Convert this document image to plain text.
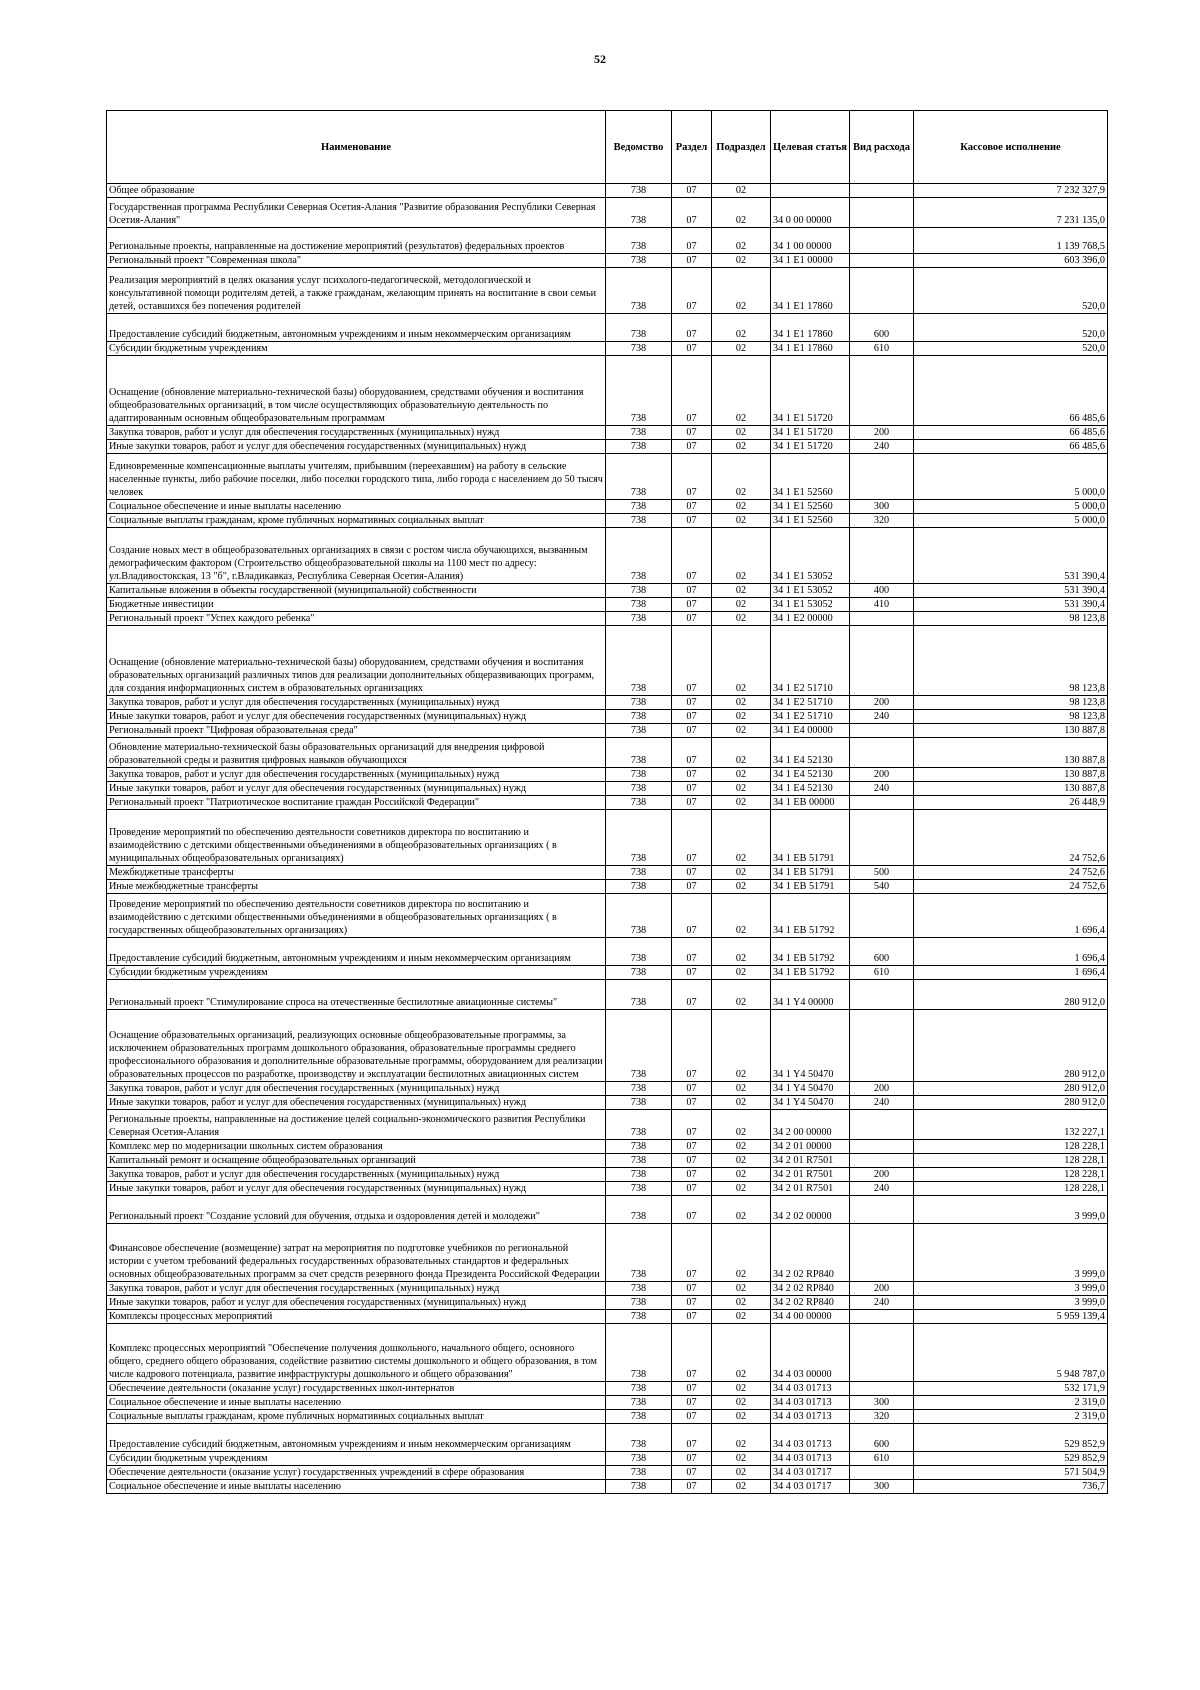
52
Наименование	Ведомство	Раздел	Подраздел	Целевая статья	Вид расхода	Кассовое исполнение
Общее образование	738	07	02			7 232 327,9
Государственная программа Республики Северная Осетия-Алания "Развитие образования Республики Северная Осетия-Алания"	738	07	02	34 0 00 00000		7 231 135,0
Региональные проекты, направленные на достижение мероприятий (результатов) федеральных проектов	738	07	02	34 1 00 00000		1 139 768,5
Региональный проект "Современная школа"	738	07	02	34 1 E1 00000		603 396,0
Реализация мероприятий в целях оказания услуг психолого-педагогической, методологической и консультативной помощи родителям детей, а также гражданам, желающим принять на воспитание в свои семьи детей, оставшихся без попечения родителей	738	07	02	34 1 E1 17860		520,0
Предоставление субсидий бюджетным, автономным учреждениям и иным некоммерческим организациям	738	07	02	34 1 E1 17860	600	520,0
Субсидии бюджетным учреждениям	738	07	02	34 1 E1 17860	610	520,0
Оснащение (обновление материально-технической базы) оборудованием, средствами обучения и воспитания общеобразовательных организаций, в том числе осуществляющих образовательную деятельность по адаптированным основным общеобразовательным программам	738	07	02	34 1 E1 51720		66 485,6
Закупка товаров, работ и услуг для обеспечения государственных (муниципальных) нужд	738	07	02	34 1 E1 51720	200	66 485,6
Иные закупки товаров, работ и услуг для обеспечения государственных (муниципальных) нужд	738	07	02	34 1 E1 51720	240	66 485,6
Единовременные компенсационные выплаты учителям, прибывшим (переехавшим) на работу в сельские населенные пункты, либо рабочие поселки, либо поселки городского типа, либо города с населением до 50 тысяч человек	738	07	02	34 1 E1 52560		5 000,0
Социальное обеспечение и иные выплаты населению	738	07	02	34 1 E1 52560	300	5 000,0
Социальные выплаты гражданам, кроме публичных нормативных социальных выплат	738	07	02	34 1 E1 52560	320	5 000,0
Создание новых мест в общеобразовательных организациях в связи с ростом числа обучающихся, вызванным демографическим фактором (Строительство общеобразовательной школы на 1100 мест по адресу: ул.Владивостокская, 13 "б", г.Владикавказ, Республика Северная Осетия-Алания)	738	07	02	34 1 E1 53052		531 390,4
Капитальные вложения в объекты государственной (муниципальной) собственности	738	07	02	34 1 E1 53052	400	531 390,4
Бюджетные инвестиции	738	07	02	34 1 E1 53052	410	531 390,4
Региональный проект "Успех каждого ребенка"	738	07	02	34 1 E2 00000		98 123,8
Оснащение (обновление материально-технической базы) оборудованием, средствами обучения и воспитания образовательных организаций различных типов для реализации дополнительных общеразвивающих программ, для создания информационных систем в образовательных организациях	738	07	02	34 1 E2 51710		98 123,8
Закупка товаров, работ и услуг для обеспечения государственных (муниципальных) нужд	738	07	02	34 1 E2 51710	200	98 123,8
Иные закупки товаров, работ и услуг для обеспечения государственных (муниципальных) нужд	738	07	02	34 1 E2 51710	240	98 123,8
Региональный проект "Цифровая образовательная среда"	738	07	02	34 1 E4 00000		130 887,8
Обновление материально-технической базы образовательных организаций для внедрения цифровой образовательной среды и развития цифровых навыков обучающихся	738	07	02	34 1 E4 52130		130 887,8
Закупка товаров, работ и услуг для обеспечения государственных (муниципальных) нужд	738	07	02	34 1 E4 52130	200	130 887,8
Иные закупки товаров, работ и услуг для обеспечения государственных (муниципальных) нужд	738	07	02	34 1 E4 52130	240	130 887,8
Региональный проект "Патриотическое воспитание граждан Российской Федерации"	738	07	02	34 1 EB 00000		26 448,9
Проведение мероприятий по обеспечению деятельности советников директора по воспитанию и взаимодействию с детскими общественными объединениями в общеобразовательных организациях ( в муниципальных общеобразовательных организациях)	738	07	02	34 1 EB 51791		24 752,6
Межбюджетные трансферты	738	07	02	34 1 EB 51791	500	24 752,6
Иные межбюджетные трансферты	738	07	02	34 1 EB 51791	540	24 752,6
Проведение мероприятий по обеспечению деятельности советников директора по воспитанию и взаимодействию с детскими общественными объединениями в общеобразовательных организациях ( в государственных общеобразовательных организациях)	738	07	02	34 1 EB 51792		1 696,4
Предоставление субсидий бюджетным, автономным учреждениям и иным некоммерческим организациям	738	07	02	34 1 EB 51792	600	1 696,4
Субсидии бюджетным учреждениям	738	07	02	34 1 EB 51792	610	1 696,4
Региональный проект "Стимулирование спроса на отечественные беспилотные авиационные системы"	738	07	02	34 1 Y4 00000		280 912,0
Оснащение образовательных организаций, реализующих основные общеобразовательные программы, за исключением образовательных программ дошкольного образования, образовательные программы среднего профессионального образования и дополнительные образовательные программы, оборудованием для реализации образовательных процессов по разработке, производству и эксплуатации беспилотных авиационных систем	738	07	02	34 1 Y4 50470		280 912,0
Закупка товаров, работ и услуг для обеспечения государственных (муниципальных) нужд	738	07	02	34 1 Y4 50470	200	280 912,0
Иные закупки товаров, работ и услуг для обеспечения государственных (муниципальных) нужд	738	07	02	34 1 Y4 50470	240	280 912,0
Региональные проекты, направленные на достижение целей социально-экономического развития Республики Северная Осетия-Алания	738	07	02	34 2 00 00000		132 227,1
Комплекс мер по модернизации школьных систем образования	738	07	02	34 2 01 00000		128 228,1
Капитальный ремонт и оснащение общеобразовательных организаций	738	07	02	34 2 01 R7501		128 228,1
Закупка товаров, работ и услуг для обеспечения государственных (муниципальных) нужд	738	07	02	34 2 01 R7501	200	128 228,1
Иные закупки товаров, работ и услуг для обеспечения государственных (муниципальных) нужд	738	07	02	34 2 01 R7501	240	128 228,1
Региональный проект "Создание условий для обучения, отдыха и оздоровления детей и молодежи"	738	07	02	34 2 02 00000		3 999,0
Финансовое обеспечение (возмещение) затрат на мероприятия по подготовке учебников по региональной истории с учетом требований федеральных государственных образовательных стандартов и федеральных основных общеобразовательных программ за счет средств резервного фонда Президента Российской Федерации	738	07	02	34 2 02 RP840		3 999,0
Закупка товаров, работ и услуг для обеспечения государственных (муниципальных) нужд	738	07	02	34 2 02 RP840	200	3 999,0
Иные закупки товаров, работ и услуг для обеспечения государственных (муниципальных) нужд	738	07	02	34 2 02 RP840	240	3 999,0
Комплексы процессных мероприятий	738	07	02	34 4 00 00000		5 959 139,4
Комплекс процессных мероприятий "Обеспечение получения дошкольного, начального общего, основного общего, среднего общего образования, содействие развитию системы дошкольного и общего образования, в том числе кадрового потенциала, развитие инфраструктуры дошкольного и общего образования"	738	07	02	34 4 03 00000		5 948 787,0
Обеспечение деятельности (оказание услуг) государственных школ-интернатов	738	07	02	34 4 03 01713		532 171,9
Социальное обеспечение и иные выплаты населению	738	07	02	34 4 03 01713	300	2 319,0
Социальные выплаты гражданам, кроме публичных нормативных социальных выплат	738	07	02	34 4 03 01713	320	2 319,0
Предоставление субсидий бюджетным, автономным учреждениям и иным некоммерческим организациям	738	07	02	34 4 03 01713	600	529 852,9
Субсидии бюджетным учреждениям	738	07	02	34 4 03 01713	610	529 852,9
Обеспечение деятельности (оказание услуг) государственных учреждений в сфере образования	738	07	02	34 4 03 01717		571 504,9
Социальное обеспечение и иные выплаты населению	738	07	02	34 4 03 01717	300	736,7
